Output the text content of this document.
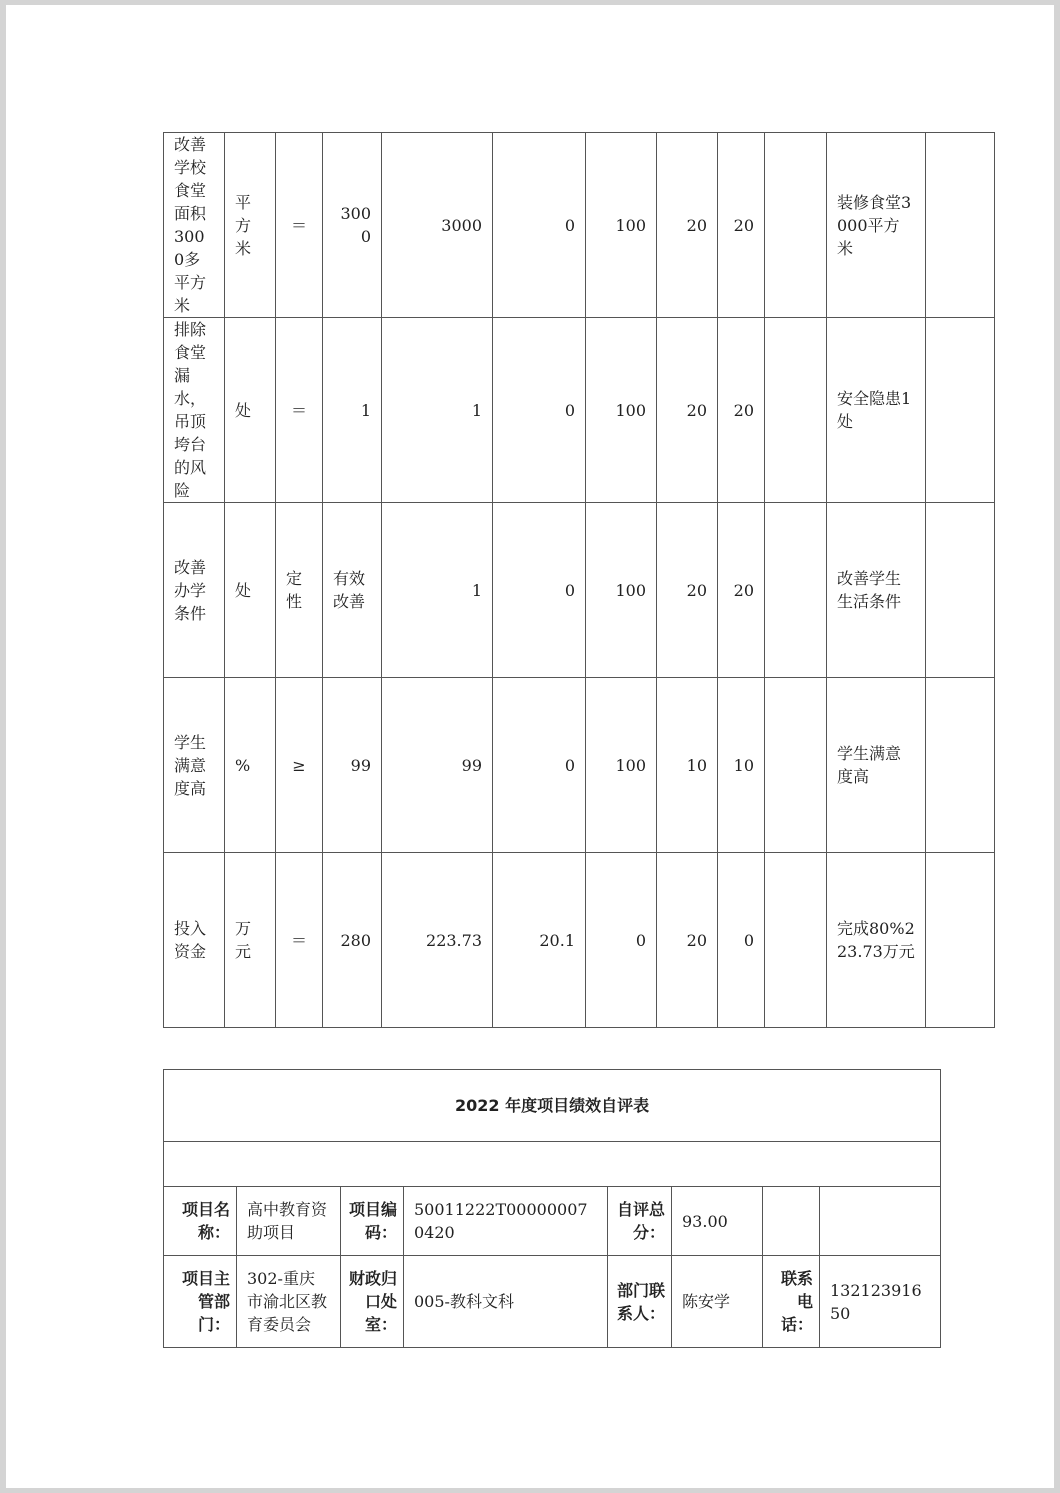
改善学校食堂面积3000多平方米	平方米	＝	3000	3000	0	100	20	20		装修食堂3000平方米	
排除食堂漏水，吊顶垮台的风险	处	＝	1	1	0	100	20	20		安全隐患1处	
改善办学条件	处	定性	有效改善	1	0	100	20	20		改善学生生活条件	
学生满意度高	%	≥	99	99	0	100	10	10		学生满意度高	
投入资金	万元	＝	280	223.73	20.1	0	20	0		完成80%223.73万元	
2022 年度项目绩效自评表							

项目名称：	高中教育资助项目	项目编码：	50011222T000000070420	自评总分：	93.00		
项目主管部门：	302-重庆市渝北区教育委员会	财政归口处室：	005-教科文科	部门联系人：	陈安学	联系电话：	13212391650
